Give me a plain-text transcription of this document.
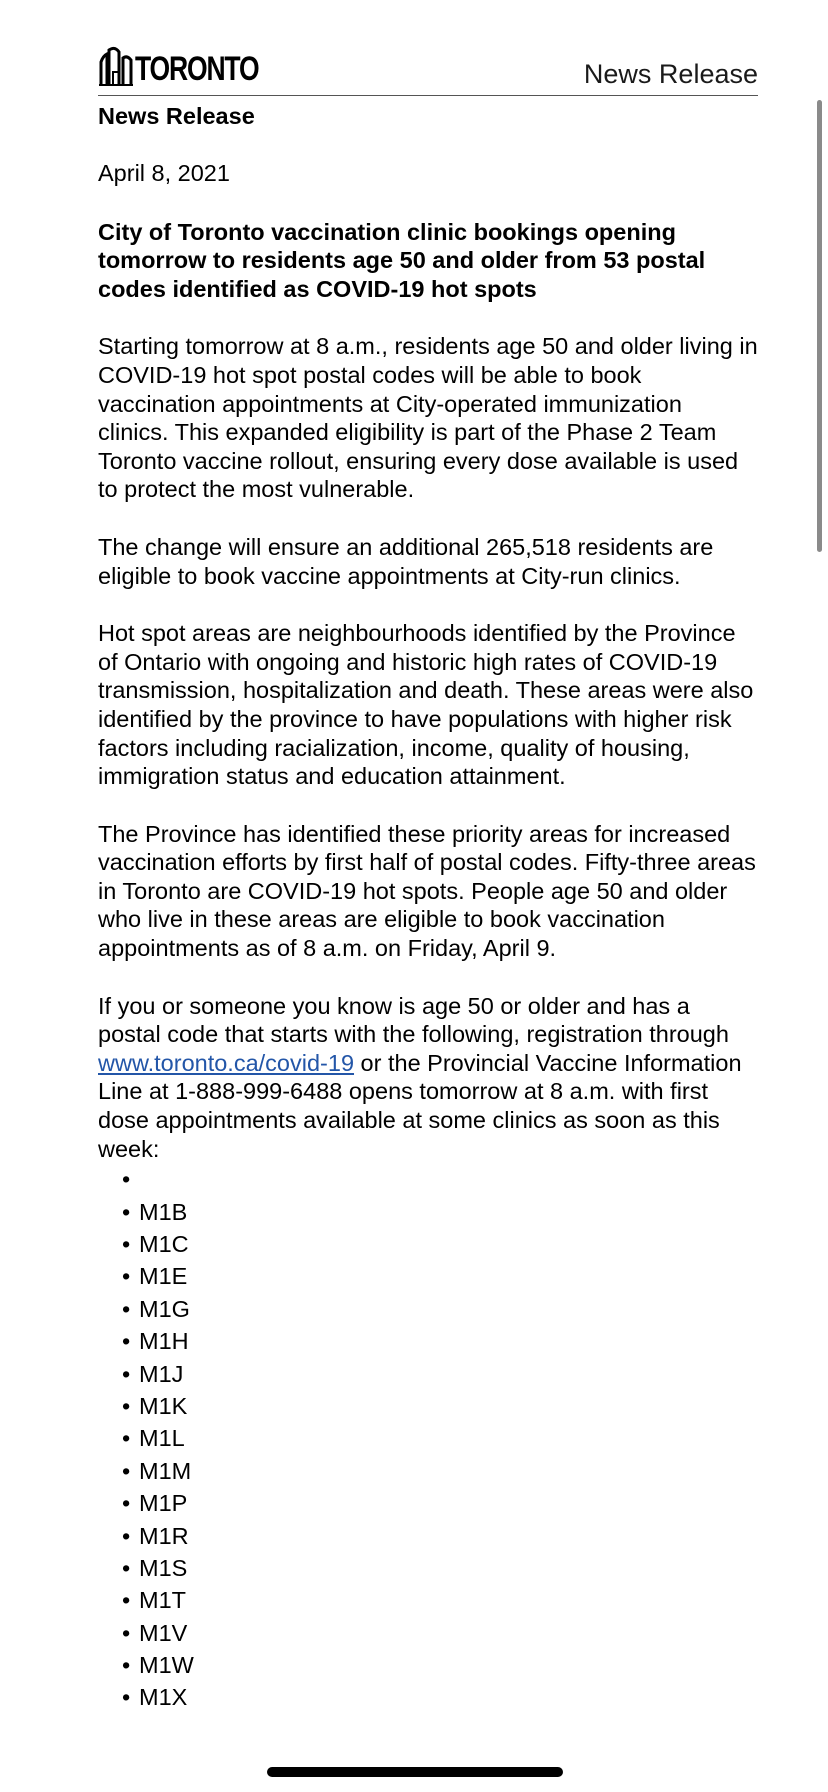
TORONTO	News Release
News Release
April 8, 2021
City of Toronto vaccination clinic bookings opening tomorrow to residents age 50 and older from 53 postal codes identified as COVID-19 hot spots

Starting tomorrow at 8 a.m., residents age 50 and older living in COVID-19 hot spot postal codes will be able to book vaccination appointments at City-operated immunization clinics. This expanded eligibility is part of the Phase 2 Team Toronto vaccine rollout, ensuring every dose available is used to protect the most vulnerable.

The change will ensure an additional 265,518 residents are eligible to book vaccine appointments at City-run clinics.

Hot spot areas are neighbourhoods identified by the Province of Ontario with ongoing and historic high rates of COVID-19 transmission, hospitalization and death. These areas were also identified by the province to have populations with higher risk factors including racialization, income, quality of housing, immigration status and education attainment.

The Province has identified these priority areas for increased vaccination efforts by first half of postal codes. Fifty-three areas in Toronto are COVID-19 hot spots. People age 50 and older who live in these areas are eligible to book vaccination appointments as of 8 a.m. on Friday, April 9.

If you or someone you know is age 50 or older and has a postal code that starts with the following, registration through www.toronto.ca/covid-19 or the Provincial Vaccine Information Line at 1-888-999-6488 opens tomorrow at 8 a.m. with first dose appointments available at some clinics as soon as this week:

•
• M1B
• M1C
• M1E
• M1G
• M1H
• M1J
• M1K
• M1L
• M1M
• M1P
• M1R
• M1S
• M1T
• M1V
• M1W
• M1X
